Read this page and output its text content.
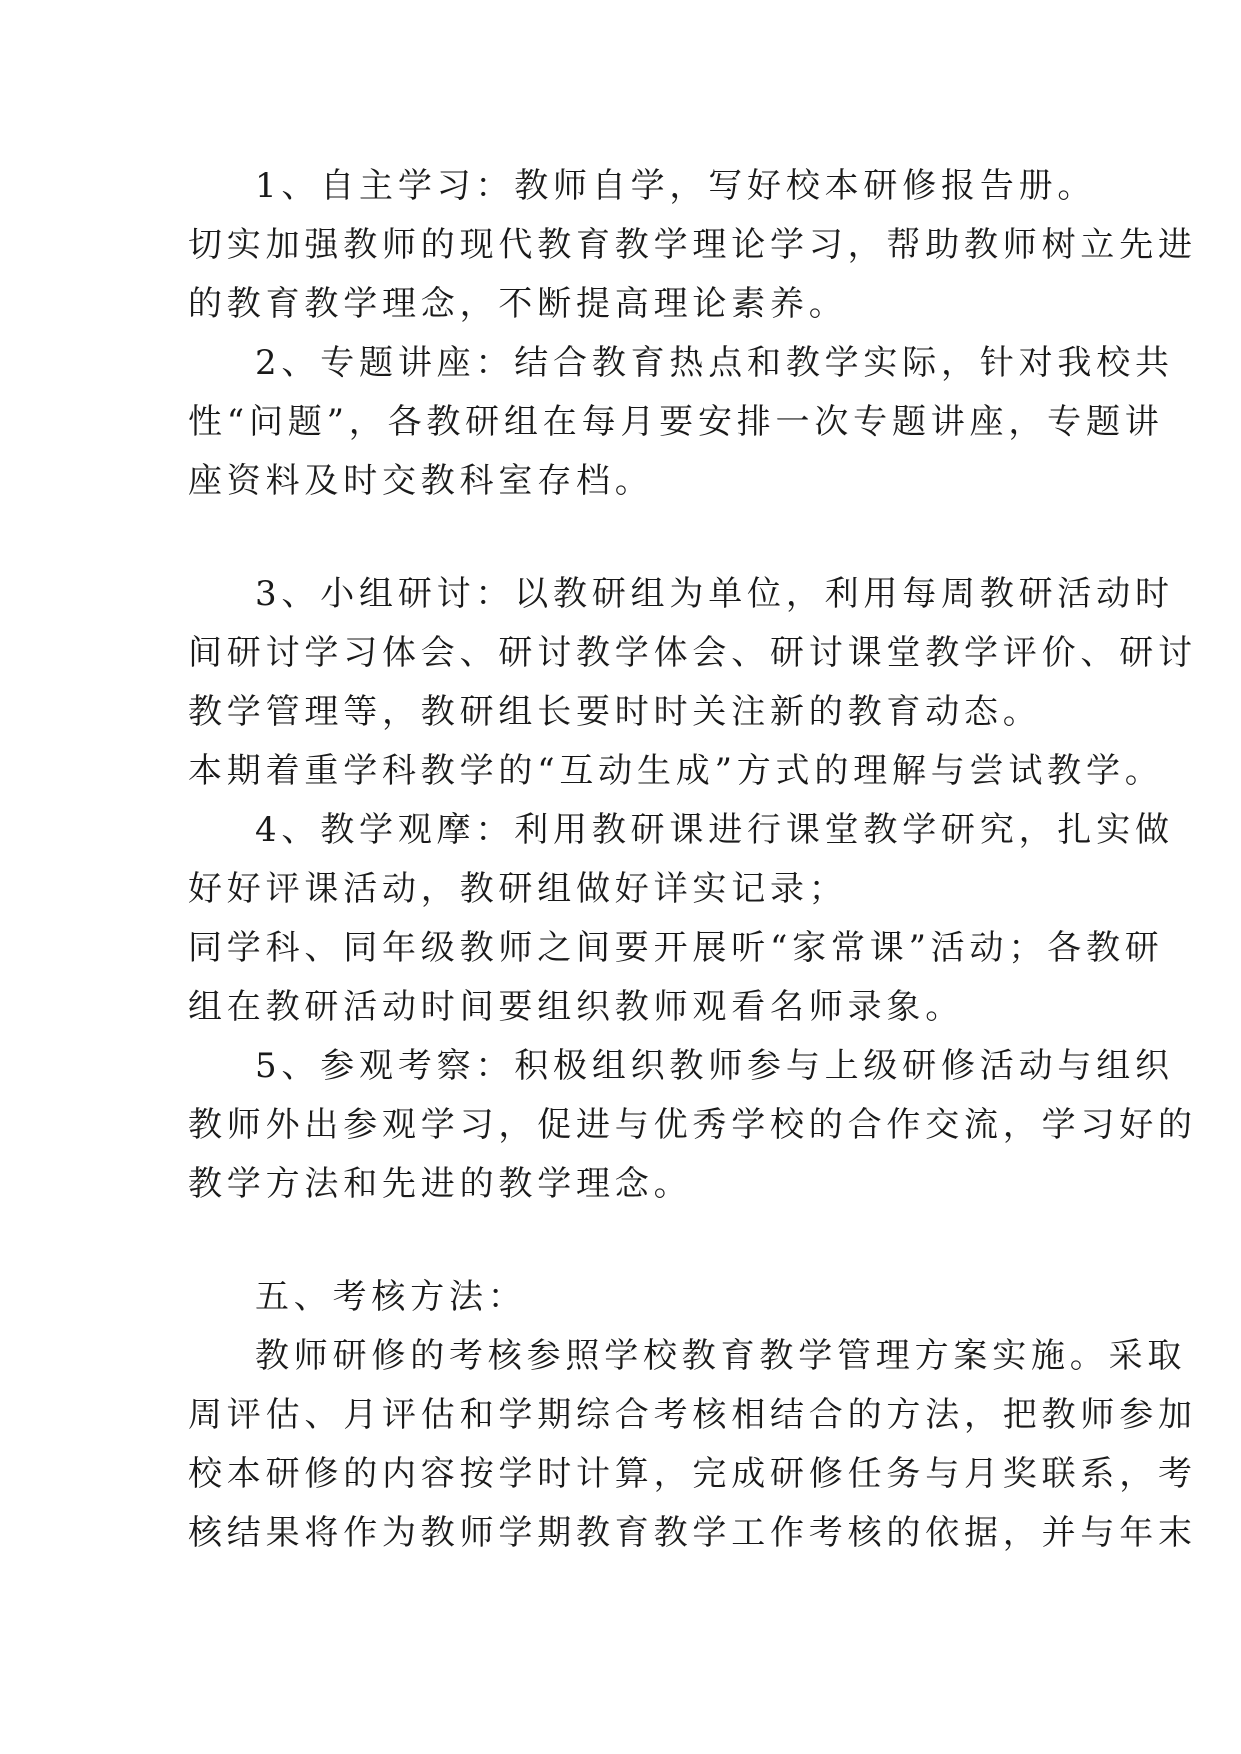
1、自主学习：教师自学，写好校本研修报告册。
切实加强教师的现代教育教学理论学习，帮助教师树立先进
的教育教学理念，不断提高理论素养。
2、专题讲座：结合教育热点和教学实际，针对我校共
性“问题”，各教研组在每月要安排一次专题讲座，专题讲
座资料及时交教科室存档。
3、小组研讨：以教研组为单位，利用每周教研活动时
间研讨学习体会、研讨教学体会、研讨课堂教学评价、研讨
教学管理等，教研组长要时时关注新的教育动态。
本期着重学科教学的“互动生成”方式的理解与尝试教学。
4、教学观摩：利用教研课进行课堂教学研究，扎实做
好好评课活动，教研组做好详实记录；
同学科、同年级教师之间要开展听“家常课”活动；各教研
组在教研活动时间要组织教师观看名师录象。
5、参观考察：积极组织教师参与上级研修活动与组织
教师外出参观学习，促进与优秀学校的合作交流，学习好的
教学方法和先进的教学理念。
五、考核方法：
教师研修的考核参照学校教育教学管理方案实施。采取
周评估、月评估和学期综合考核相结合的方法，把教师参加
校本研修的内容按学时计算，完成研修任务与月奖联系，考
核结果将作为教师学期教育教学工作考核的依据，并与年末
